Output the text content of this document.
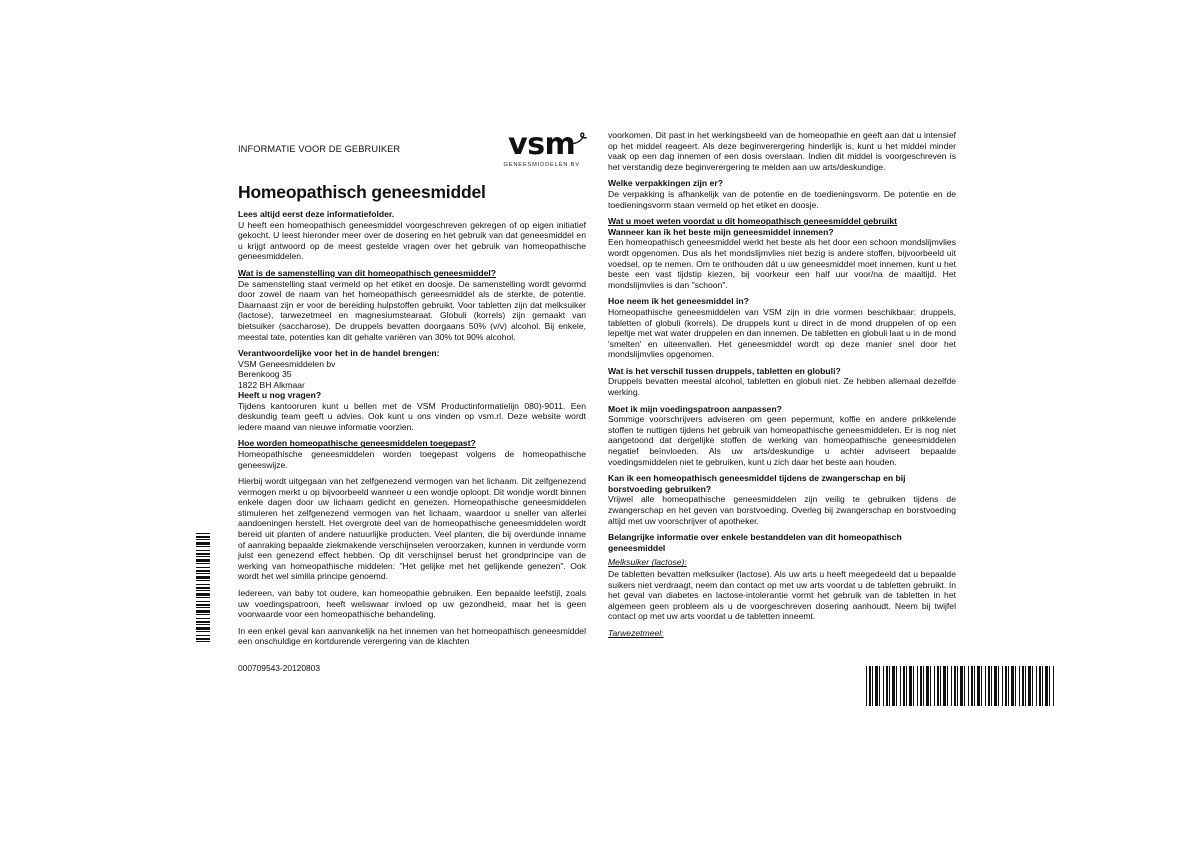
INFORMATIE VOOR DE GEBRUIKER	vsm
GENEESMIDDELEN BV
Homeopathisch geneesmiddel

Lees altijd eerst deze informatiefolder.

U heeft een homeopathisch geneesmiddel voorgeschreven gekregen of op eigen initiatief gekocht. U leest hieronder meer over de dosering en het gebruik van dat geneesmiddel en u krijgt antwoord op de meest gestelde vragen over het gebruik van homeopathische geneesmiddelen.

Wat is de samenstelling van dit homeopathisch geneesmiddel?

De samenstelling staat vermeld op het etiket en doosje. De samenstelling wordt gevormd door zowel de naam van het homeopathisch geneesmiddel als de sterkte, de potentie. Daarnaast zijn er voor de bereiding hulpstoffen gebruikt. Voor tabletten zijn dat melksuiker (lactose), tarwezetmeel en magnesiumstearaat. Globuli (korrels) zijn gemaakt van bietsuiker (saccharose). De druppels bevatten doorgaans 50% (v/v) alcohol. Bij enkele, meestal tate, potenties kan dit gehalte variëren van 30% tot 90% alcohol.

Verantwoordelijke voor het in de handel brengen:

VSM Geneesmiddelen bv

Berenkoog 35

1822 BH Alkmaar

Heeft u nog vragen?

Tijdens kantooruren kunt u bellen met de VSM Productinformatielijn 080)-9011. Een deskundig team geeft u advies. Ook kunt u ons vinden op vsm.rl. Deze website wordt iedere maand van nieuwe informatie voorzien.

Hoe worden homeopathische geneesmiddelen toegepast?

Homeopathische geneesmiddelen worden toegepast volgens de homeopathische geneeswijze.

Hierbij wordt uitgegaan van het zelfgenezend vermogen van het lichaam. Dit zelfgenezend vermogen merkt u op bijvoorbeeld wanneer u een wondje oploopt. Dit wondje wordt binnen enkele dagen door uw lichaam gedicht en genezen. Homeopathische geneesmiddelen stimuleren het zelfgenezend vermogen van het lichaam, waardoor u sneller van allerlei aandoeningen herstelt. Het overgrote deel van de homeopathische geneesmiddelen wordt bereid uit planten of andere natuurlijke producten. Veel planten, die bij overdunde inname of aanraking bepaalde ziekmakende verschijnselen veroorzaken, kunnen in verdunde vorm juist een genezend effect hebben. Op dit verschijnsel berust het grondprincipe van de werking van homeopathische middelen: "Het gelijke met het gelijkende genezen". Ook wordt het wel similia principe genoemd.

Iedereen, van baby tot oudere, kan homeopathie gebruiken. Een bepaalde leefstijl, zoals uw voedingspatroon, heeft weliswaar invloed op uw gezondheid, maar het is geen voorwaarde voor een homeopathische behandeling.

In een enkel geval kan aanvankelijk na het innemen van het homeopathisch geneesmiddel een onschuldige en kortdurende verergering van de klachten

000709543-20120803

voorkomen. Dit past in het werkingsbeeld van de homeopathie en geeft aan dat u intensief op het middel reageert. Als deze beginverergering hinderlijk is, kunt u het middel minder vaak op een dag innemen of een dosis overslaan. Indien dit middel is voorgeschreven is het verstandig deze beginverergering te melden aan uw arts/deskundige.

Welke verpakkingen zijn er?

De verpakking is afhankelijk van de potentie en de toedieningsvorm. De potentie en de toedieningsvorm staan vermeld op het etiket en doosje.

Wat u moet weten voordat u dit homeopathisch geneesmiddel gebruikt

Wanneer kan ik het beste mijn geneesmiddel innemen?

Een homeopathisch geneesmiddel werkt het beste als het door een schoon mondslijmvlies wordt opgenomen. Dus als het mondslijmvlies niet bezig is andere stoffen, bijvoorbeeld uit voedsel, op te nemen. Om te onthouden dát u uw geneesmiddel moet innemen, kunt u het beste een vast tijdstip kiezen, bij voorkeur een half uur voor/na de maaltijd. Het mondslijmvlies is dan "schoon".

Hoe neem ik het geneesmiddel in?

Homeopathische geneesmiddelen van VSM zijn in drie vormen beschikbaar: druppels, tabletten of globuli (korrels). De druppels kunt u direct in de mond druppelen of op een lepeltje met wat water druppelen en dan innemen. De tabletten en globuli laat u in de mond 'smelten' en uiteenvallen. Het geneesmiddel wordt op deze manier snel door het mondslijmvlies opgenomen.

Wat is het verschil tussen druppels, tabletten en globuli?

Druppels bevatten meestal alcohol, tabletten en globuli niet. Ze hebben allemaal dezelfde werking.

Moet ik mijn voedingspatroon aanpassen?

Sommige voorschrijvers adviseren om geen pepermunt, koffie en andere prikkelende stoffen te nuttigen tijdens het gebruik van homeopathische geneesmiddelen. Er is nog niet aangetoond dat dergelijke stoffen de werking van homeopathische geneesmiddelen negatief beïnvloeden. Als uw arts/deskundige u achter adviseert bepaalde voedingsmiddelen niet te gebruiken, kunt u zich daar het beste aan houden.

Kan ik een homeopathisch geneesmiddel tijdens de zwangerschap en bij borstvoeding gebruiken?

Vrijwel alle homeopathische geneesmiddelen zijn veilig te gebruiken tijdens de zwangerschap en het geven van borstvoeding. Overleg bij zwangerschap en borstvoeding altijd met uw voorschrijver of apotheker.

Belangrijke informatie over enkele bestanddelen van dit homeopathisch geneesmiddel

Melksuiker (lactose):

De tabletten bevatten melksuiker (lactose). Als uw arts u heeft meegedeeld dat u bepaalde suikers niet verdraagt, neem dan contact op met uw arts voordat u de tabletten gebruikt. In het geval van diabetes en lactose-intolerantie vormt het gebruik van de tabletten in het algemeen geen probleem als u de voorgeschreven dosering aanhoudt. Neem bij twijfel contact op met uw arts voordat u de tabletten inneemt.

Tarwezetmeel:
